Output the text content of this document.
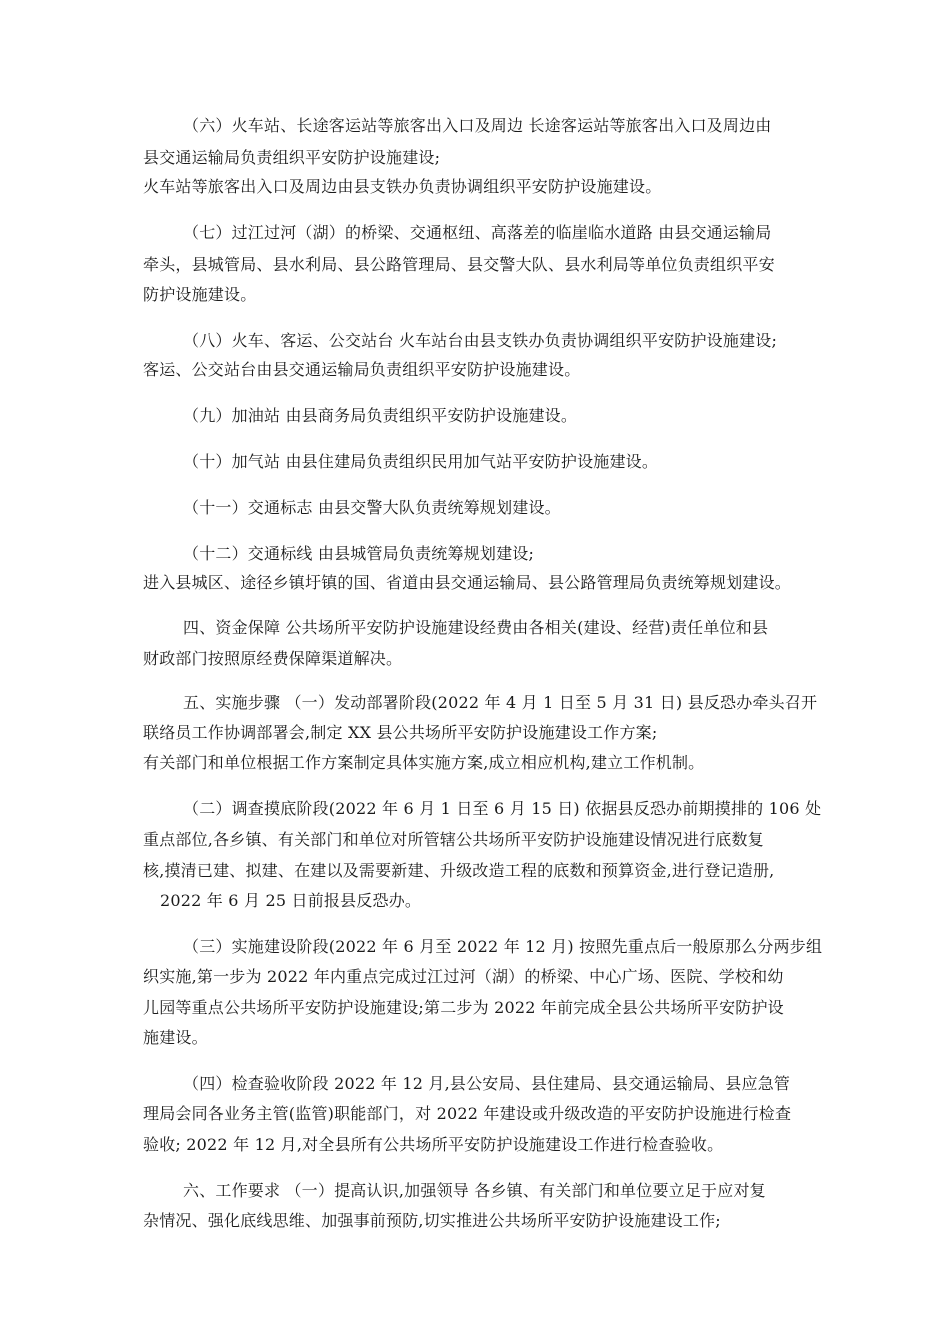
（六）火车站、长途客运站等旅客出入口及周边 长途客运站等旅客出入口及周边由
县交通运输局负责组织平安防护设施建设;
火车站等旅客出入口及周边由县支铁办负责协调组织平安防护设施建设。
（七）过江过河（湖）的桥梁、交通枢纽、高落差的临崖临水道路 由县交通运输局
牵头，县城管局、县水利局、县公路管理局、县交警大队、县水利局等单位负责组织平安
防护设施建设。
（八）火车、客运、公交站台 火车站台由县支铁办负责协调组织平安防护设施建设;
客运、公交站台由县交通运输局负责组织平安防护设施建设。
（九）加油站 由县商务局负责组织平安防护设施建设。
（十）加气站 由县住建局负责组织民用加气站平安防护设施建设。
（十一）交通标志 由县交警大队负责统筹规划建设。
（十二）交通标线 由县城管局负责统筹规划建设;
进入县城区、途径乡镇圩镇的国、省道由县交通运输局、县公路管理局负责统筹规划建设。
四、资金保障 公共场所平安防护设施建设经费由各相关(建设、经营)责任单位和县
财政部门按照原经费保障渠道解决。
五、实施步骤 （一）发动部署阶段(2022 年 4 月 1 日至 5 月 31 日) 县反恐办牵头召开
联络员工作协调部署会,制定 XX 县公共场所平安防护设施建设工作方案;
有关部门和单位根据工作方案制定具体实施方案,成立相应机构,建立工作机制。
（二）调查摸底阶段(2022 年 6 月 1 日至 6 月 15 日) 依据县反恐办前期摸排的 106 处
重点部位,各乡镇、有关部门和单位对所管辖公共场所平安防护设施建设情况进行底数复
核,摸清已建、拟建、在建以及需要新建、升级改造工程的底数和预算资金,进行登记造册,
2022 年 6 月 25 日前报县反恐办。
（三）实施建设阶段(2022 年 6 月至 2022 年 12 月) 按照先重点后一般原那么分两步组
织实施,第一步为 2022 年内重点完成过江过河（湖）的桥梁、中心广场、医院、学校和幼
儿园等重点公共场所平安防护设施建设;第二步为 2022 年前完成全县公共场所平安防护设
施建设。
（四）检查验收阶段 2022 年 12 月,县公安局、县住建局、县交通运输局、县应急管
理局会同各业务主管(监管)职能部门，对 2022 年建设或升级改造的平安防护设施进行检查
验收; 2022 年 12 月,对全县所有公共场所平安防护设施建设工作进行检查验收。
六、工作要求 （一）提高认识,加强领导 各乡镇、有关部门和单位要立足于应对复
杂情况、强化底线思维、加强事前预防,切实推进公共场所平安防护设施建设工作;
